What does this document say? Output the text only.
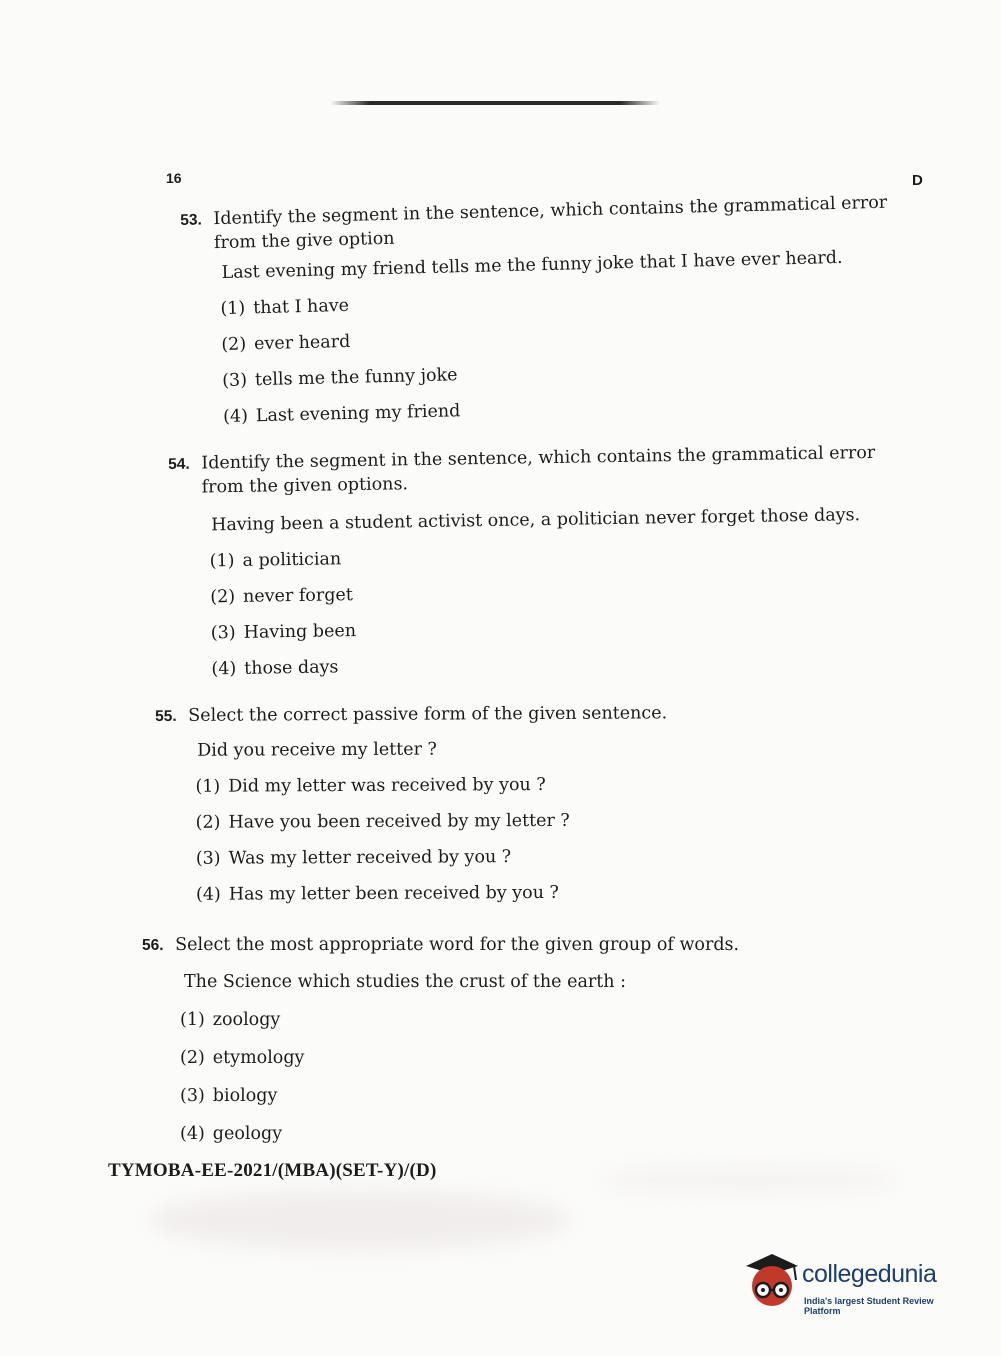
16	D
53. Identify the segment in the sentence, which contains the grammatical error from the give option
Last evening my friend tells me the funny joke that I have ever heard.
(1) that I have
(2) ever heard
(3) tells me the funny joke
(4) Last evening my friend
54. Identify the segment in the sentence, which contains the grammatical error from the given options.
Having been a student activist once, a politician never forget those days.
(1) a politician
(2) never forget
(3) Having been
(4) those days
55. Select the correct passive form of the given sentence.
Did you receive my letter ?
(1) Did my letter was received by you ?
(2) Have you been received by my letter ?
(3) Was my letter received by you ?
(4) Has my letter been received by you ?
56. Select the most appropriate word for the given group of words.
The Science which studies the crust of the earth :
(1) zoology
(2) etymology
(3) biology
(4) geology
TYMOBA-EE-2021/(MBA)(SET-Y)/(D)
collegedunia
India's largest Student Review Platform
